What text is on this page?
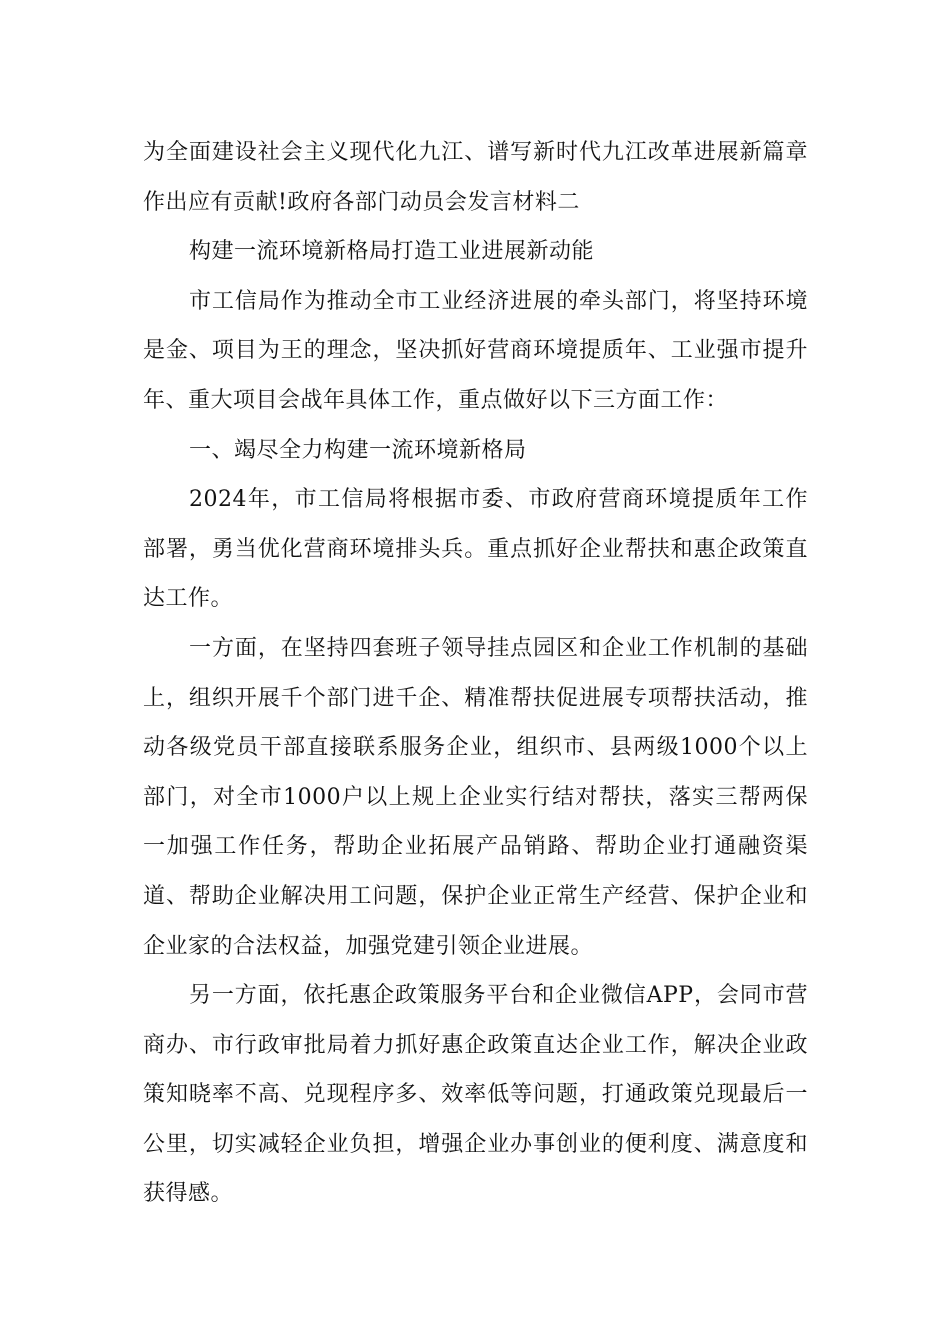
为全面建设社会主义现代化九江、谱写新时代九江改革进展新篇章作出应有贡献!政府各部门动员会发言材料二

构建一流环境新格局打造工业进展新动能

市工信局作为推动全市工业经济进展的牵头部门，将坚持环境是金、项目为王的理念，坚决抓好营商环境提质年、工业强市提升年、重大项目会战年具体工作，重点做好以下三方面工作：

一、竭尽全力构建一流环境新格局

2024年，市工信局将根据市委、市政府营商环境提质年工作部署，勇当优化营商环境排头兵。重点抓好企业帮扶和惠企政策直达工作。

一方面，在坚持四套班子领导挂点园区和企业工作机制的基础上，组织开展千个部门进千企、精准帮扶促进展专项帮扶活动，推动各级党员干部直接联系服务企业，组织市、县两级1000个以上部门，对全市1000户以上规上企业实行结对帮扶，落实三帮两保一加强工作任务，帮助企业拓展产品销路、帮助企业打通融资渠道、帮助企业解决用工问题，保护企业正常生产经营、保护企业和企业家的合法权益，加强党建引领企业进展。

另一方面，依托惠企政策服务平台和企业微信APP，会同市营商办、市行政审批局着力抓好惠企政策直达企业工作，解决企业政策知晓率不高、兑现程序多、效率低等问题，打通政策兑现最后一公里，切实减轻企业负担，增强企业办事创业的便利度、满意度和获得感。
